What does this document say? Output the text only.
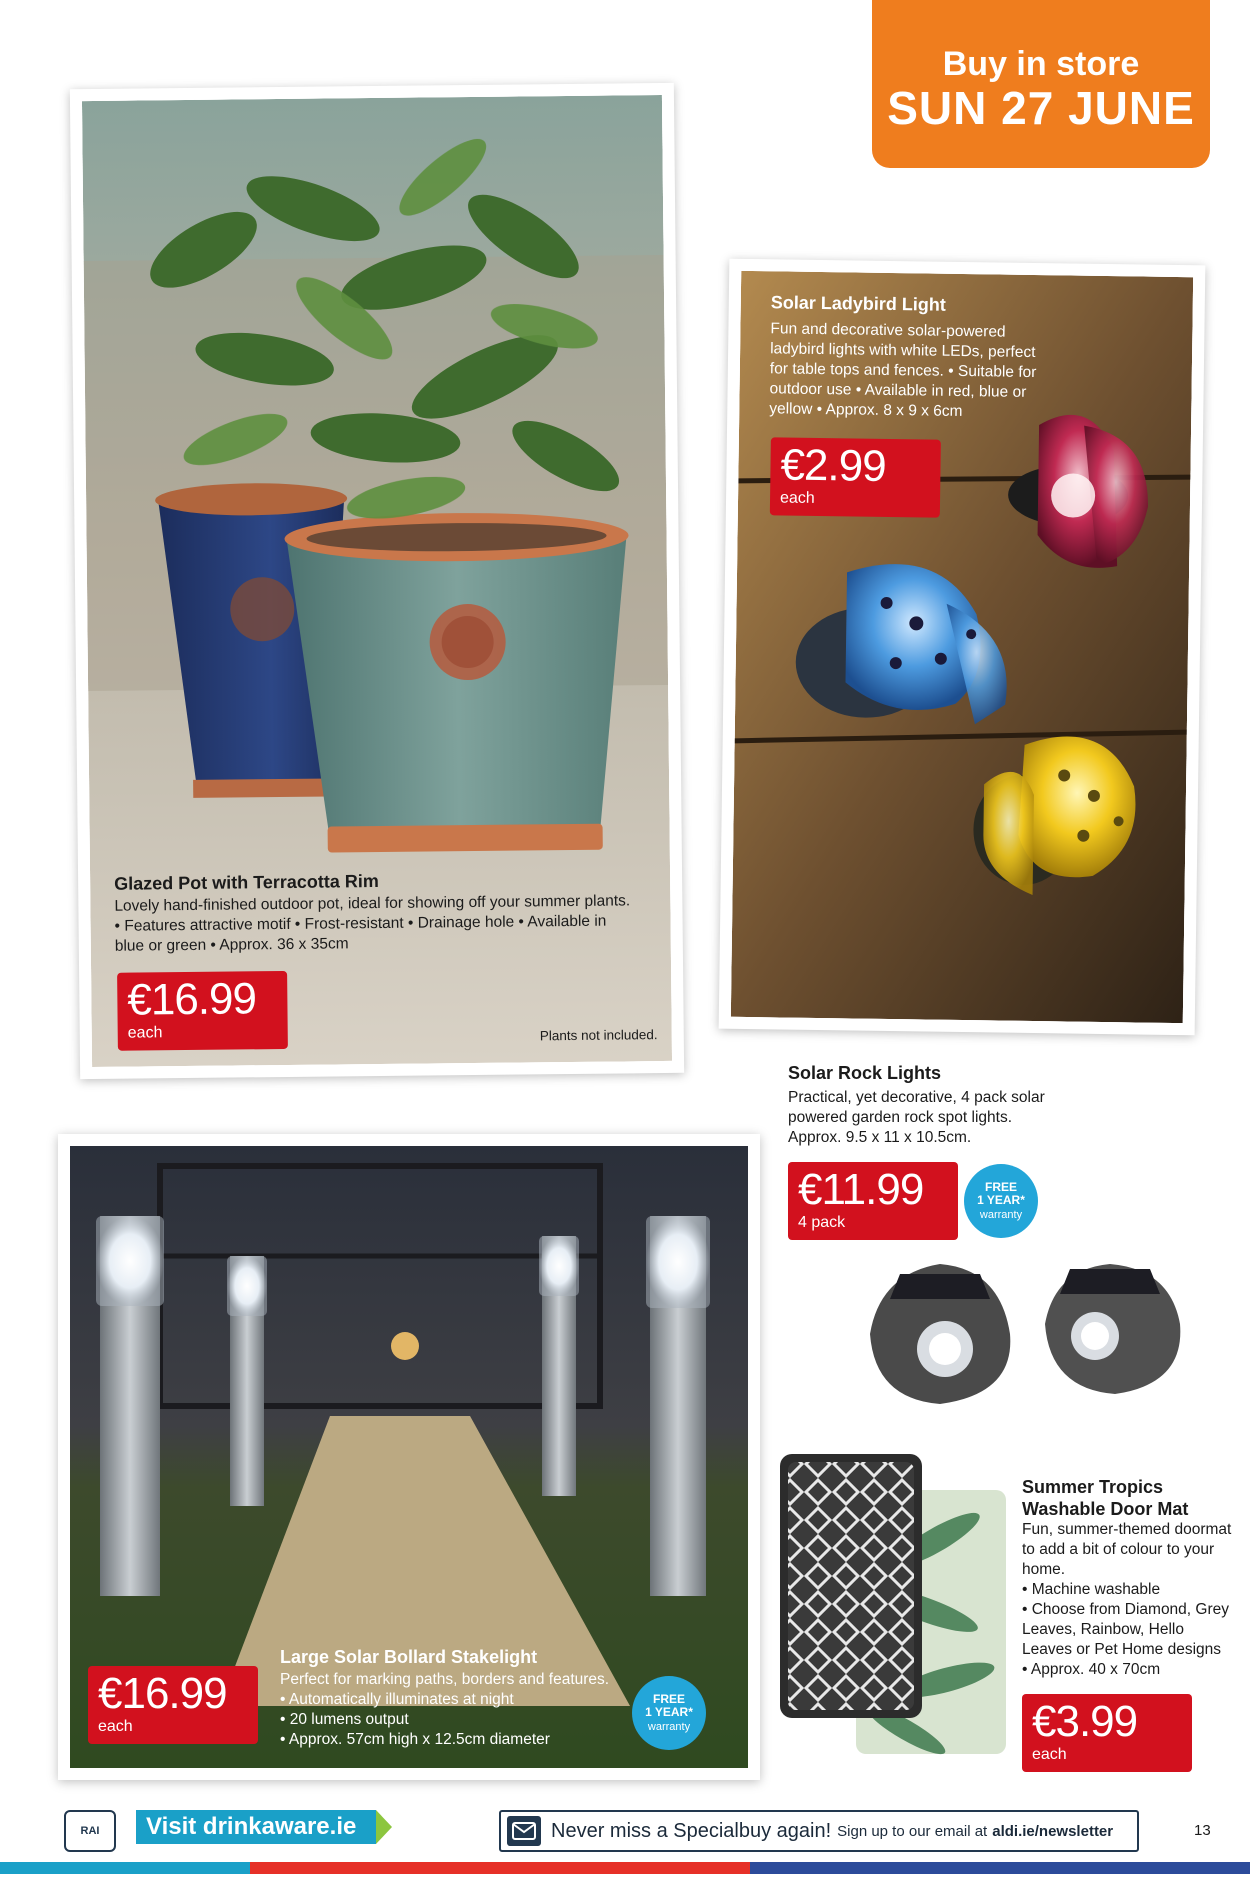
Buy in store
SUN 27 JUNE
Glazed Pot with Terracotta Rim
Lovely hand-finished outdoor pot, ideal for showing off your summer plants. • Features attractive motif • Frost-resistant • Drainage hole • Available in blue or green • Approx. 36 x 35cm
€16.99
each	Plants not included.
Solar Ladybird Light
Fun and decorative solar-powered ladybird lights with white LEDs, perfect for table tops and fences. • Suitable for outdoor use • Available in red, blue or yellow • Approx. 8 x 9 x 6cm
€2.99
each
Solar Rock Lights
Practical, yet decorative, 4 pack solar powered garden rock spot lights. Approx. 9.5 x 11 x 10.5cm.
€11.99
4 pack
FREE
1 YEAR*
warranty
Large Solar Bollard Stakelight
Perfect for marking paths, borders and features.
• Automatically illuminates at night
• 20 lumens output
• Approx. 57cm high x 12.5cm diameter
€16.99
each
FREE
1 YEAR*
warranty
Summer Tropics
Washable Door Mat
Fun, summer-themed doormat to add a bit of colour to your home.
• Machine washable
• Choose from Diamond, Grey Leaves, Rainbow, Hello Leaves or Pet Home designs
• Approx. 40 x 70cm
€3.99
each
RAI	Visit drinkaware.ie	Never miss a Specialbuy again! Sign up to our email at aldi.ie/newsletter	13
